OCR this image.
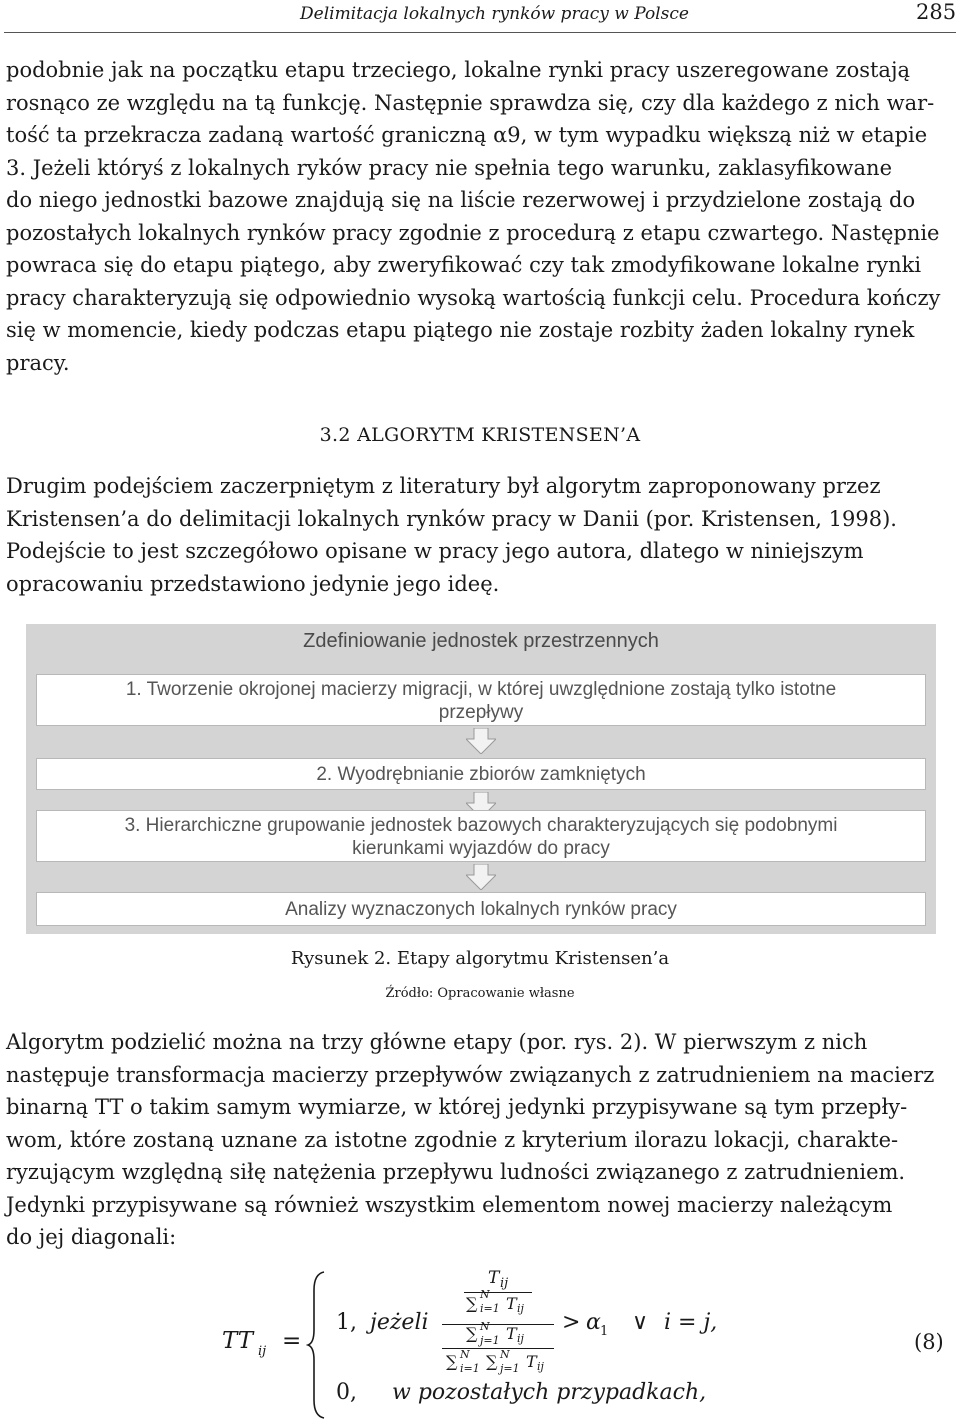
Delimitacja lokalnych rynków pracy w Polsce	285
podobnie jak na początku etapu trzeciego, lokalne rynki pracy uszeregowane zostają
rosnąco ze względu na tą funkcję. Następnie sprawdza się, czy dla każdego z nich war-
tość ta przekracza zadaną wartość graniczną α9, w tym wypadku większą niż w etapie
3. Jeżeli któryś z lokalnych ryków pracy nie spełnia tego warunku, zaklasyfikowane
do niego jednostki bazowe znajdują się na liście rezerwowej i przydzielone zostają do
pozostałych lokalnych rynków pracy zgodnie z procedurą z etapu czwartego. Następnie
powraca się do etapu piątego, aby zweryfikować czy tak zmodyfikowane lokalne rynki
pracy charakteryzują się odpowiednio wysoką wartością funkcji celu. Procedura kończy
się w momencie, kiedy podczas etapu piątego nie zostaje rozbity żaden lokalny rynek
pracy.
3.2 ALGORYTM KRISTENSEN’A
Drugim podejściem zaczerpniętym z literatury był algorytm zaproponowany przez
Kristensen’a do delimitacji lokalnych rynków pracy w Danii (por. Kristensen, 1998).
Podejście to jest szczegółowo opisane w pracy jego autora, dlatego w niniejszym
opracowaniu przedstawiono jedynie jego ideę.
Zdefiniowanie jednostek przestrzennych
1. Tworzenie okrojonej macierzy migracji, w której uwzględnione zostają tylko istotne
przepływy
2. Wyodrębnianie zbiorów zamkniętych
3. Hierarchiczne grupowanie jednostek bazowych charakteryzujących się podobnymi
kierunkami wyjazdów do pracy
Analizy wyznaczonych lokalnych rynków pracy
Rysunek 2. Etapy algorytmu Kristensen’a
Źródło: Opracowanie własne
Algorytm podzielić można na trzy główne etapy (por. rys. 2). W pierwszym z nich
następuje transformacja macierzy przepływów związanych z zatrudnieniem na macierz
binarną TT o takim samym wymiarze, w której jedynki przypisywane są tym przepły-
wom, które zostaną uznane za istotne zgodnie z kryterium ilorazu lokacji, charakte-
ryzującym względną siłę natężenia przepływu ludności związanego z zatrudnieniem.
Jedynki przypisywane są również wszystkim elementom nowej macierzy należącym
do jej diagonali:
TT ij =
1, jeżeli
T ij
∑ N
i=1 T ij
∑ N
j=1 T ij
∑ N
i=1 ∑ N
j=1 T ij
> α 1 ∨ i = j,
0, w pozostałych przypadkach,
(8)
